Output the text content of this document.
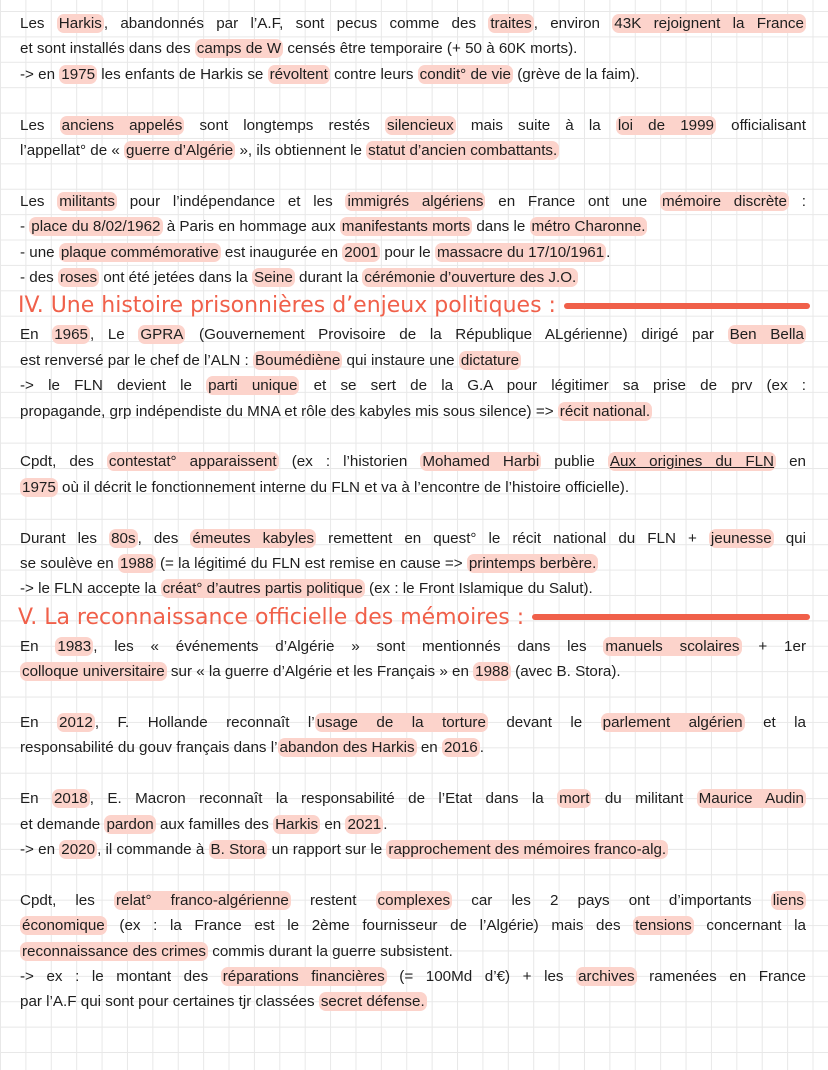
Les Harkis , abandonnés par l’A.F, sont pecus comme des traites , environ 43K rejoignent la France
et sont installés dans des camps de W censés être temporaire (+ 50 à 60K morts).
-> en 1975 les enfants de Harkis se révoltent contre leurs condit° de vie (grève de la faim).
Les anciens appelés sont longtemps restés silencieux mais suite à la loi de 1999 officialisant
l’appellat° de « guerre d’Algérie », ils obtiennent le statut d’ancien combattants.
Les militants pour l’indépendance et les immigrés algériens en France ont une mémoire discrète :
- place du 8/02/1962 à Paris en hommage aux manifestants morts dans le métro Charonne.
- une plaque commémorative est inaugurée en 2001 pour le massacre du 17/10/1961 .
- des roses ont été jetées dans la Seine durant la cérémonie d’ouverture des J.O.
IV. Une histoire prisonnières d’enjeux politiques :
En 1965 , Le GPRA (Gouvernement Provisoire de la République ALgérienne) dirigé par Ben Bella
est renversé par le chef de l’ALN : Boumédiène qui instaure une dictature
-> le FLN devient le parti unique et se sert de la G.A pour légitimer sa prise de prv (ex :
propagande, grp indépendiste du MNA et rôle des kabyles mis sous silence) => récit national.
Cpdt, des contestat° apparaissent (ex : l’historien Mohamed Harbi publie Aux origines du FLN en
1975 où il décrit le fonctionnement interne du FLN et va à l’encontre de l’histoire officielle).
Durant les 80s , des émeutes kabyles remettent en quest° le récit national du FLN + jeunesse qui
se soulève en 1988 (= la légitimé du FLN est remise en cause => printemps berbère.
-> le FLN accepte la créat° d’autres partis politique (ex : le Front Islamique du Salut).
V. La reconnaissance officielle des mémoires :
En 1983 , les « événements d’Algérie » sont mentionnés dans les manuels scolaires + 1er
colloque universitaire sur « la guerre d’Algérie et les Français » en 1988 (avec B. Stora).
En 2012 , F. Hollande reconnaît l’ usage de la torture devant le parlement algérien et la
responsabilité du gouv français dans l’ abandon des Harkis en 2016 .
En 2018 , E. Macron reconnaît la responsabilité de l’Etat dans la mort du militant Maurice Audin
et demande pardon aux familles des Harkis en 2021 .
-> en 2020 , il commande à B. Stora un rapport sur le rapprochement des mémoires franco-alg.
Cpdt, les relat° franco-algérienne restent complexes car les 2 pays ont d’importants liens
économique (ex : la France est le 2ème fournisseur de l’Algérie) mais des tensions concernant la
reconnaissance des crimes commis durant la guerre subsistent.
-> ex : le montant des réparations financières (= 100Md d’€) + les archives ramenées en France
par l’A.F qui sont pour certaines tjr classées secret défense.
